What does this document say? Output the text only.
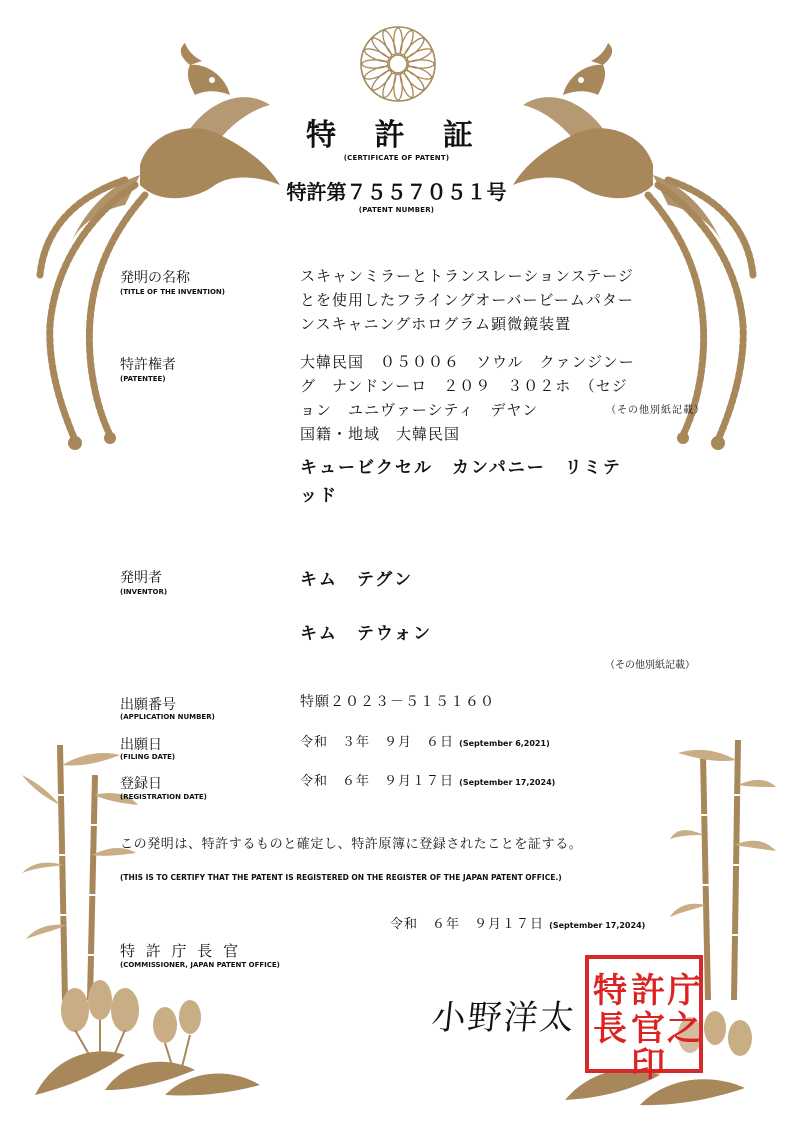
特 許 証
(CERTIFICATE OF PATENT)
特許第７５５７０５１号
(PATENT NUMBER)
発明の名称
(TITLE OF THE INVENTION)
スキャンミラーとトランスレーションステージ
とを使用したフライングオーバービームパター
ンスキャニングホログラム顕微鏡装置
特許権者
(PATENTEE)
大韓民国　０５００６　ソウル　クァンジンー
グ　ナンドンーロ　２０９　３０２ホ　（セジ
ョン　ユニヴァーシティ　デヤン	（その他別紙記載）
国籍・地域　大韓民国
キュービクセル　カンパニー　リミテ
ッド
発明者
(INVENTOR)
キム　テグン
キム　テウォン
（その他別紙記載）
出願番号
(APPLICATION NUMBER)
特願２０２３－５１５１６０
出願日
(FILING DATE)
令和　３年　９月　６日 (September 6,2021)
登録日
(REGISTRATION DATE)
令和　６年　９月１７日 (September 17,2024)
この発明は、特許するものと確定し、特許原簿に登録されたことを証する。
(THIS IS TO CERTIFY THAT THE PATENT IS REGISTERED ON THE REGISTER OF THE JAPAN PATENT OFFICE.)
令和　６年　９月１７日 (September 17,2024)
特 許 庁 長 官
(COMMISSIONER, JAPAN PATENT OFFICE)
小野洋太
特 許 庁
長 官 之
印
